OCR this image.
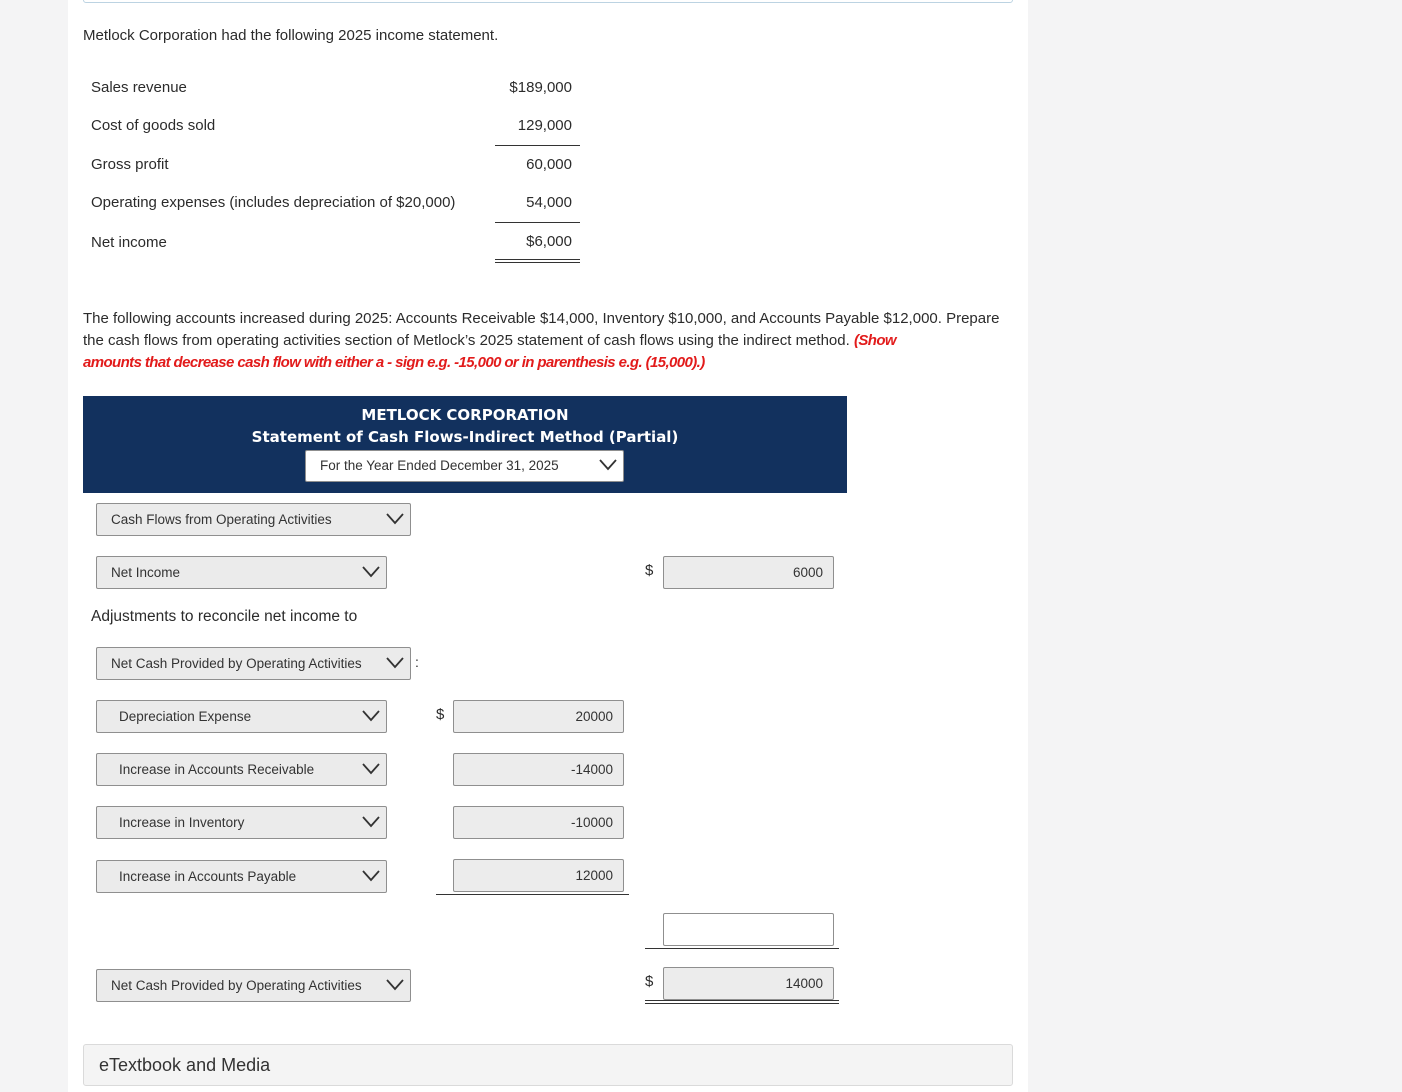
Metlock Corporation had the following 2025 income statement.
Sales revenue	$189,000
Cost of goods sold	129,000
Gross profit	60,000
Operating expenses (includes depreciation of $20,000)	54,000
Net income	$6,000
The following accounts increased during 2025: Accounts Receivable $14,000, Inventory $10,000, and Accounts Payable $12,000. Prepare the cash flows from operating activities section of Metlock’s 2025 statement of cash flows using the indirect method. (Show
amounts that decrease cash flow with either a - sign e.g. -15,000 or in parenthesis e.g. (15,000).)
METLOCK CORPORATION
Statement of Cash Flows-Indirect Method (Partial)
For the Year Ended December 31, 2025
Cash Flows from Operating Activities
Net Income	$	6000
Adjustments to reconcile net income to
Net Cash Provided by Operating Activities	:
Depreciation Expense	$	20000
Increase in Accounts Receivable	-14000
Increase in Inventory	-10000
Increase in Accounts Payable	12000
Net Cash Provided by Operating Activities	$	14000
eTextbook and Media
